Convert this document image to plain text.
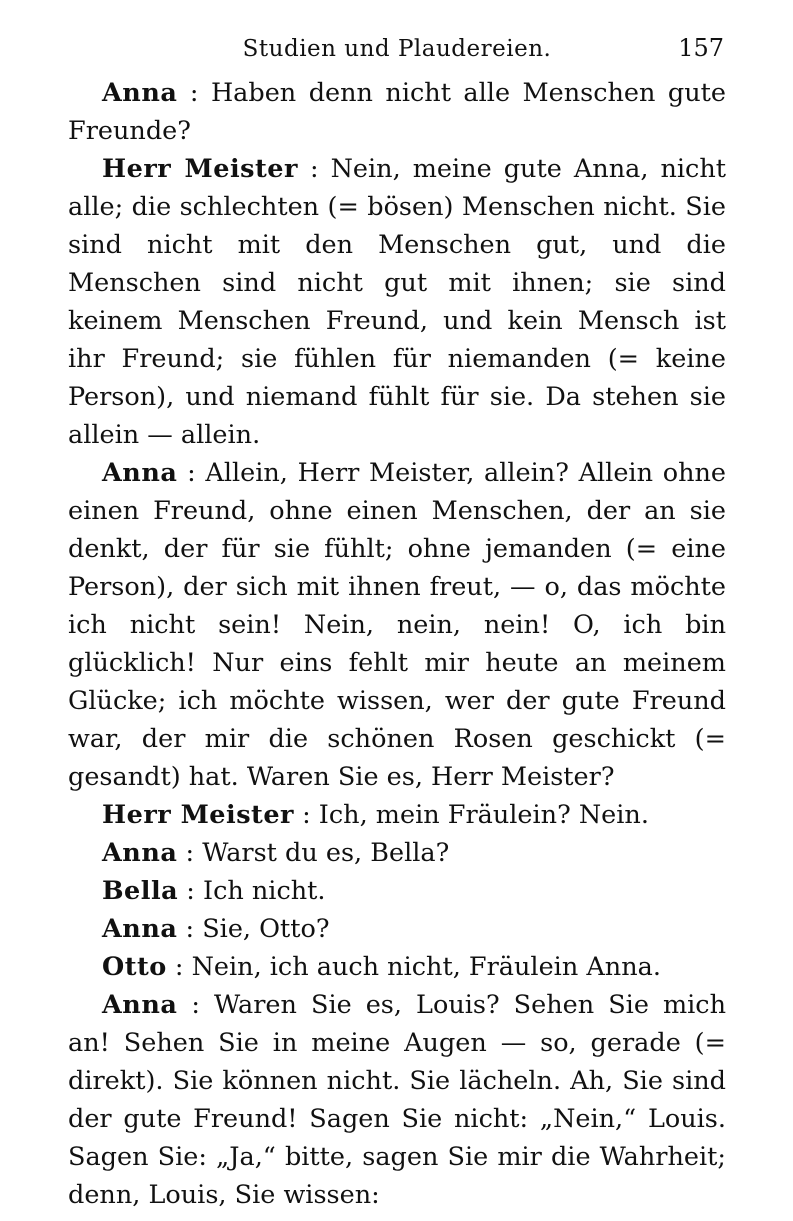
Studien und Plaudereien.	157

Anna : Haben denn nicht alle Menschen gute Freunde?

Herr Meister : Nein, meine gute Anna, nicht alle; die schlechten (= bösen) Menschen nicht. Sie sind nicht mit den Menschen gut, und die Menschen sind nicht gut mit ihnen; sie sind keinem Menschen Freund, und kein Mensch ist ihr Freund; sie fühlen für niemanden (= keine Person), und niemand fühlt für sie. Da stehen sie allein — allein.

Anna : Allein, Herr Meister, allein? Allein ohne einen Freund, ohne einen Menschen, der an sie denkt, der für sie fühlt; ohne jemanden (= eine Person), der sich mit ihnen freut, — o, das möchte ich nicht sein! Nein, nein, nein! O, ich bin glücklich! Nur eins fehlt mir heute an meinem Glücke; ich möchte wissen, wer der gute Freund war, der mir die schönen Rosen geschickt (= gesandt) hat. Waren Sie es, Herr Meister?

Herr Meister : Ich, mein Fräulein? Nein.

Anna : Warst du es, Bella?

Bella : Ich nicht.

Anna : Sie, Otto?

Otto : Nein, ich auch nicht, Fräulein Anna.

Anna : Waren Sie es, Louis? Sehen Sie mich an! Sehen Sie in meine Augen — so, gerade (= direkt). Sie können nicht. Sie lächeln. Ah, Sie sind der gute Freund! Sagen Sie nicht: „Nein,“ Louis. Sagen Sie: „Ja,“ bitte, sagen Sie mir die Wahrheit; denn, Louis, Sie wissen:
